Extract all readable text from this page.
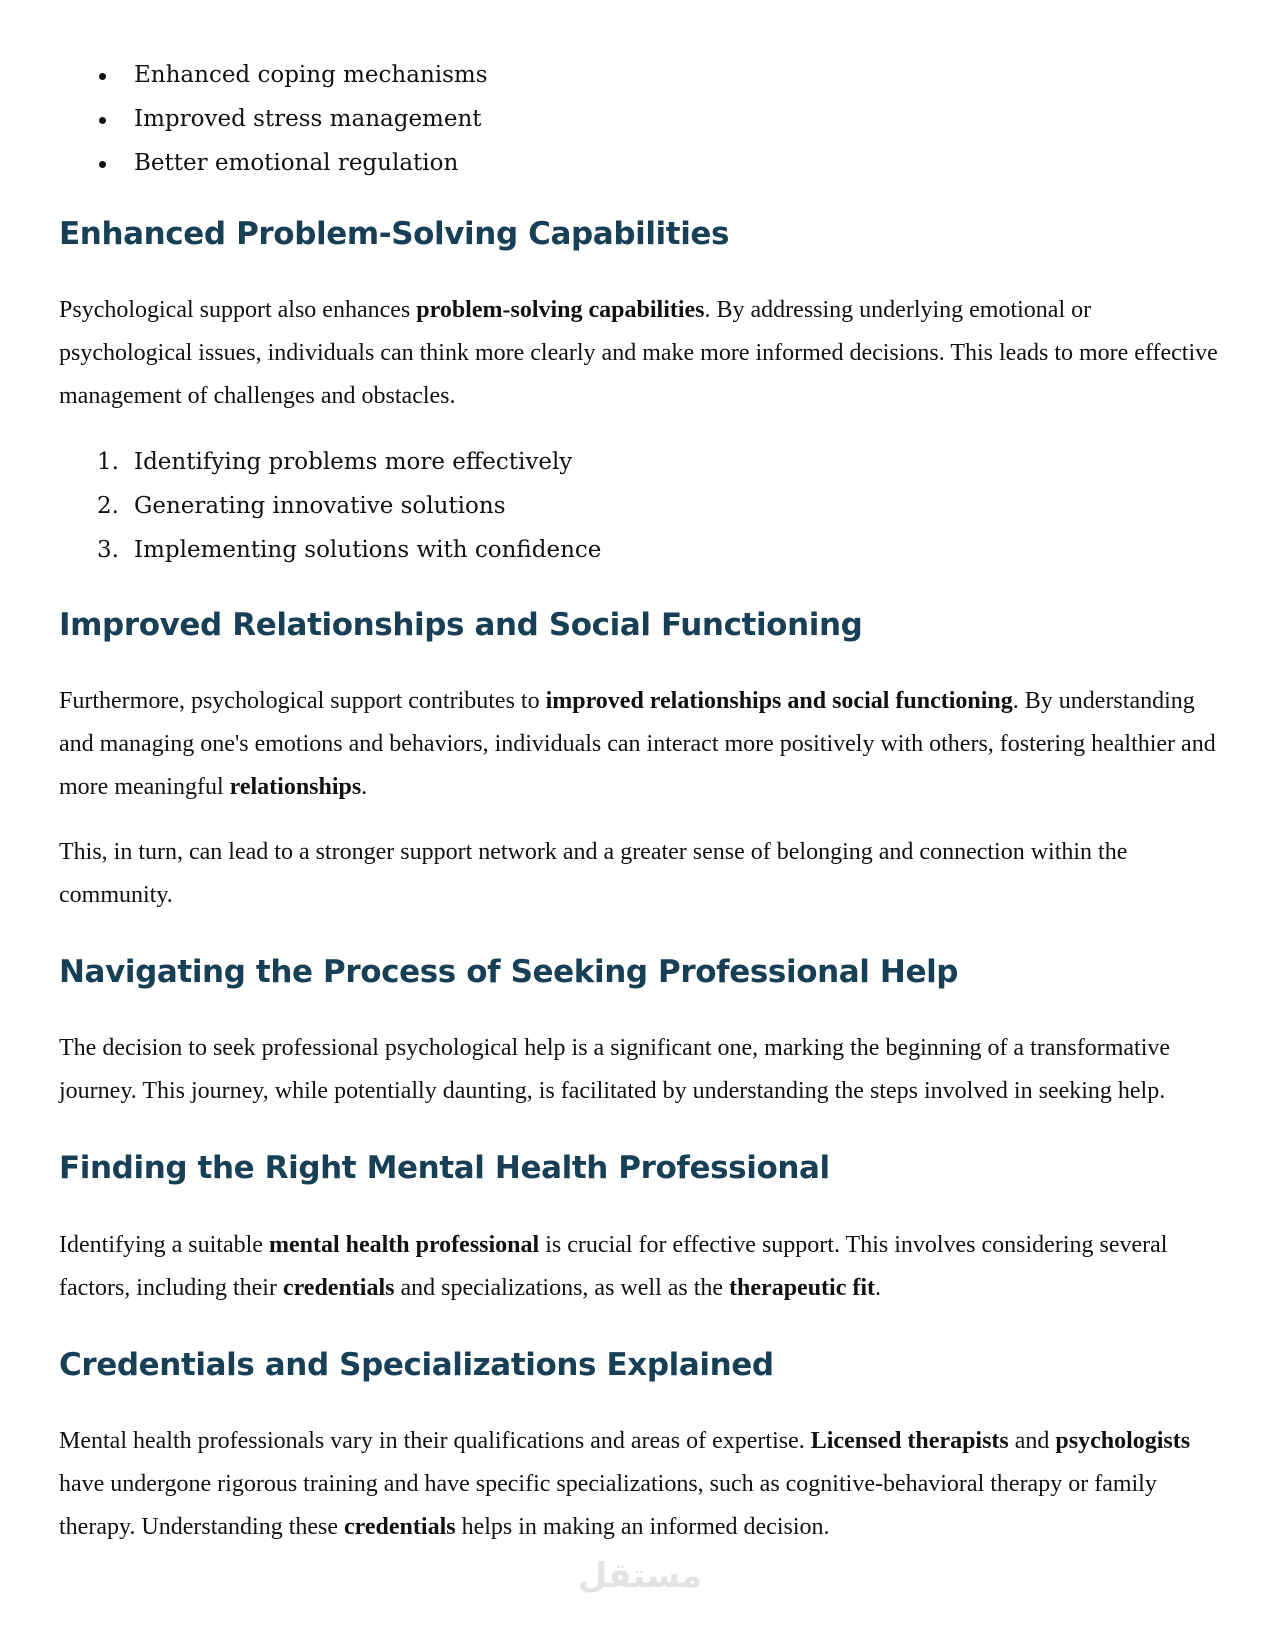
Enhanced coping mechanisms
Improved stress management
Better emotional regulation
Enhanced Problem-Solving Capabilities

Psychological support also enhances problem-solving capabilities. By addressing underlying emotional or psychological issues, individuals can think more clearly and make more informed decisions. This leads to more effective management of challenges and obstacles.

1. Identifying problems more effectively
2. Generating innovative solutions
3. Implementing solutions with confidence
Improved Relationships and Social Functioning

Furthermore, psychological support contributes to improved relationships and social functioning. By understanding and managing one's emotions and behaviors, individuals can interact more positively with others, fostering healthier and more meaningful relationships.

This, in turn, can lead to a stronger support network and a greater sense of belonging and connection within the community.

Navigating the Process of Seeking Professional Help

The decision to seek professional psychological help is a significant one, marking the beginning of a transformative journey. This journey, while potentially daunting, is facilitated by understanding the steps involved in seeking help.

Finding the Right Mental Health Professional

Identifying a suitable mental health professional is crucial for effective support. This involves considering several factors, including their credentials and specializations, as well as the therapeutic fit.

Credentials and Specializations Explained

Mental health professionals vary in their qualifications and areas of expertise. Licensed therapists and psychologists have undergone rigorous training and have specific specializations, such as cognitive-behavioral therapy or family therapy. Understanding these credentials helps in making an informed decision.

مستقل
